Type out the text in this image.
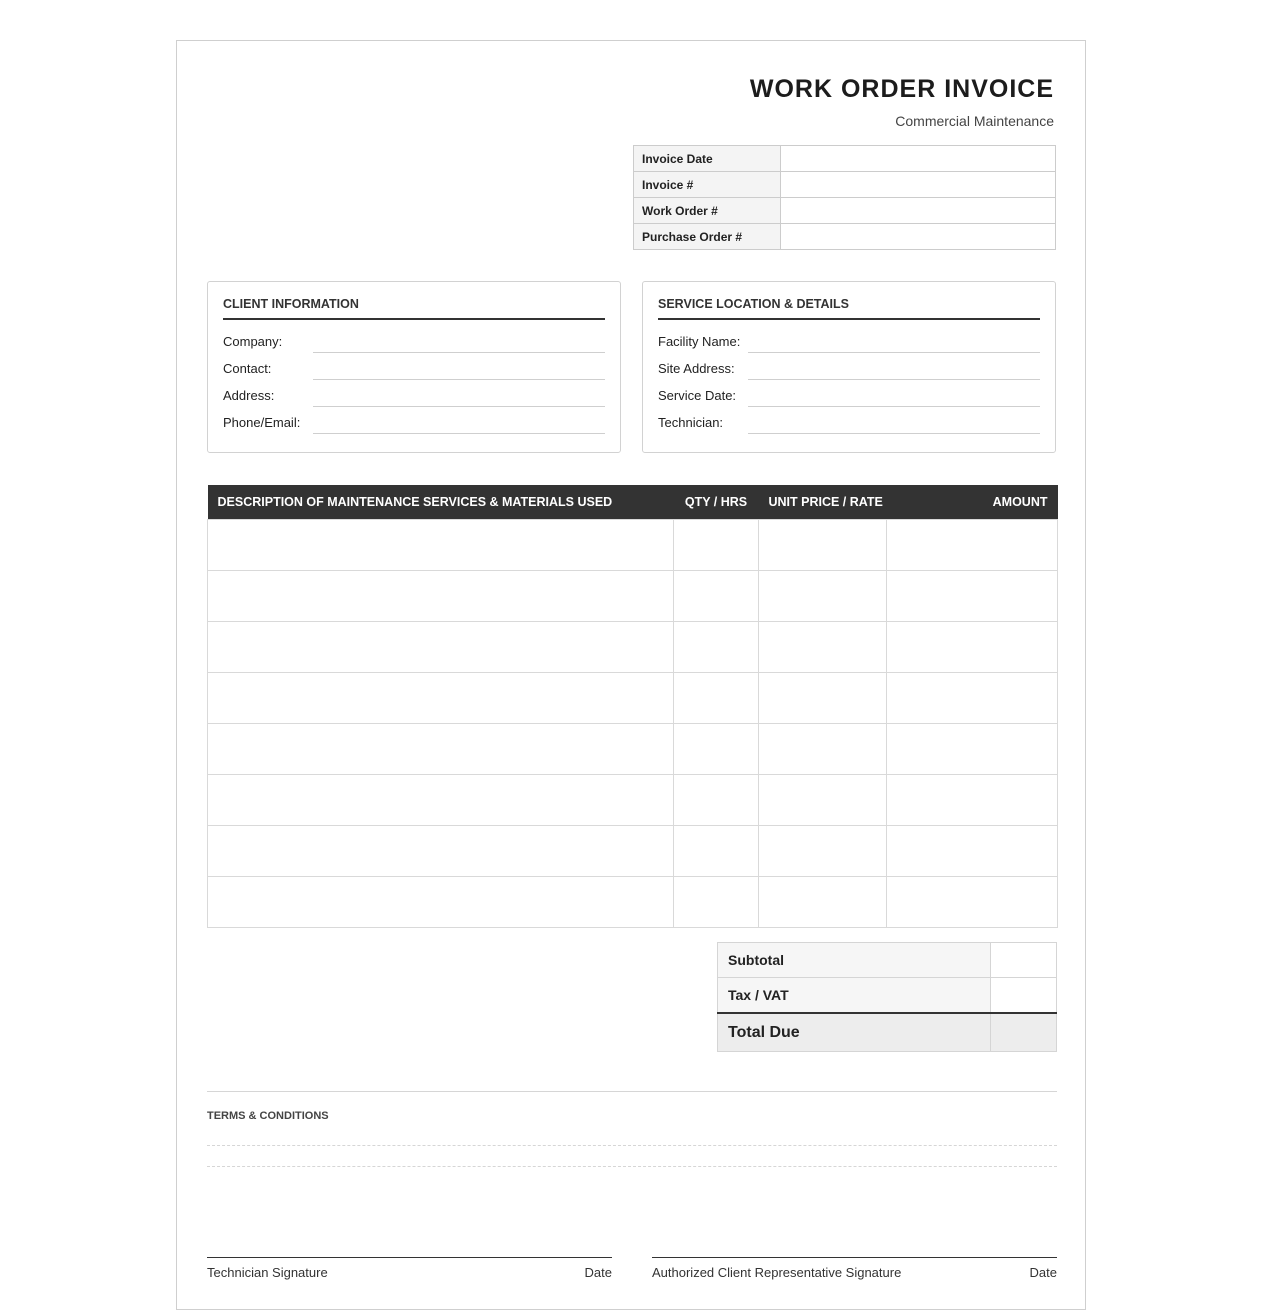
WORK ORDER INVOICE
Commercial Maintenance
Invoice Date	
Invoice #	
Work Order #	
Purchase Order #	
CLIENT INFORMATION
Company:
Contact:
Address:
Phone/Email:
SERVICE LOCATION & DETAILS
Facility Name:
Site Address:
Service Date:
Technician:
DESCRIPTION OF MAINTENANCE SERVICES & MATERIALS USED	QTY / HRS	UNIT PRICE / RATE	AMOUNT

Subtotal	
Tax / VAT	
Total Due	
TERMS & CONDITIONS
Technician Signature	Date	Authorized Client Representative Signature	Date
